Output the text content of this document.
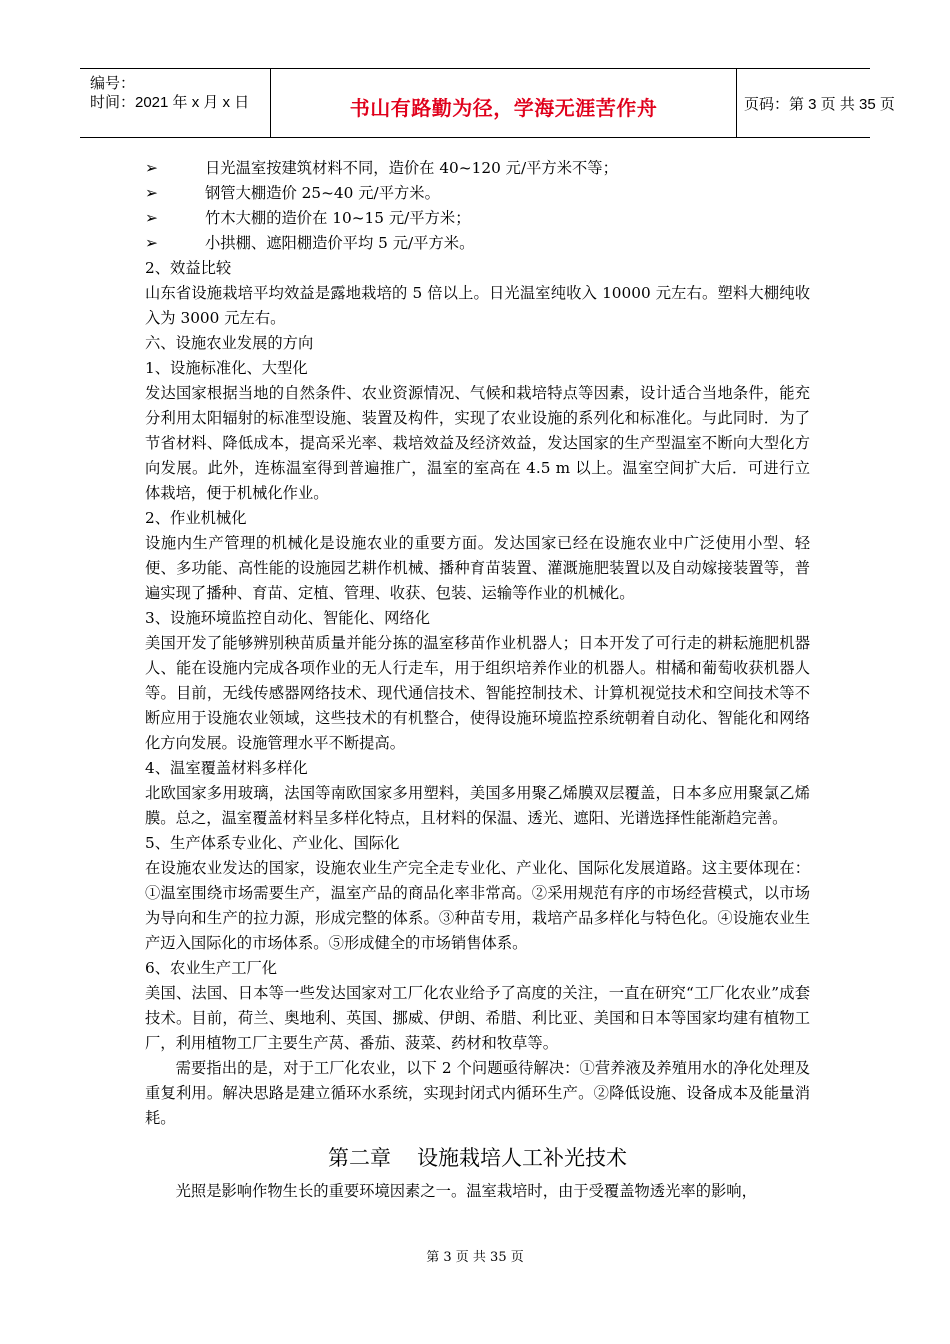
编号：
时间：2021 年 x 月 x 日	书山有路勤为径，学海无涯苦作舟	页码：第 3 页 共 35 页

➢	日光温室按建筑材料不同，造价在 40~120 元/平方米不等；

➢	钢管大棚造价 25~40 元/平方米。

➢	竹木大棚的造价在 10~15 元/平方米；

➢	小拱棚、遮阳棚造价平均 5 元/平方米。

2、效益比较

山东省设施栽培平均效益是露地栽培的 5 倍以上。日光温室纯收入 10000 元左右。塑料大棚纯收入为 3000 元左右。

六、设施农业发展的方向

1、设施标准化、大型化

发达国家根据当地的自然条件、农业资源情况、气候和栽培特点等因素，设计适合当地条件，能充分利用太阳辐射的标准型设施、装置及构件，实现了农业设施的系列化和标准化。与此同时．为了节省材料、降低成本，提高采光率、栽培效益及经济效益，发达国家的生产型温室不断向大型化方向发展。此外，连栋温室得到普遍推广，温室的室高在 4.5 m 以上。温室空间扩大后．可进行立体栽培，便于机械化作业。

2、作业机械化

设施内生产管理的机械化是设施农业的重要方面。发达国家已经在设施农业中广泛使用小型、轻便、多功能、高性能的设施园艺耕作机械、播种育苗装置、灌溉施肥装置以及自动嫁接装置等，普遍实现了播种、育苗、定植、管理、收获、包装、运输等作业的机械化。

3、设施环境监控自动化、智能化、网络化

美国开发了能够辨别秧苗质量并能分拣的温室移苗作业机器人；日本开发了可行走的耕耘施肥机器人、能在设施内完成各项作业的无人行走车，用于组织培养作业的机器人。柑橘和葡萄收获机器人等。目前，无线传感器网络技术、现代通信技术、智能控制技术、计算机视觉技术和空间技术等不断应用于设施农业领域，这些技术的有机整合，使得设施环境监控系统朝着自动化、智能化和网络化方向发展。设施管理水平不断提高。

4、温室覆盖材料多样化

北欧国家多用玻璃，法国等南欧国家多用塑料，美国多用聚乙烯膜双层覆盖，日本多应用聚氯乙烯膜。总之，温室覆盖材料呈多样化特点，且材料的保温、透光、遮阳、光谱选择性能渐趋完善。

5、生产体系专业化、产业化、国际化

在设施农业发达的国家，设施农业生产完全走专业化、产业化、国际化发展道路。这主要体现在：①温室围绕市场需要生产，温室产品的商品化率非常高。②采用规范有序的市场经营模式，以市场为导向和生产的拉力源，形成完整的体系。③种苗专用，栽培产品多样化与特色化。④设施农业生产迈入国际化的市场体系。⑤形成健全的市场销售体系。

6、农业生产工厂化

美国、法国、日本等一些发达国家对工厂化农业给予了高度的关注，一直在研究“工厂化农业”成套技术。目前，荷兰、奥地利、英国、挪威、伊朗、希腊、利比亚、美国和日本等国家均建有植物工厂，利用植物工厂主要生产莴、番茄、菠菜、药材和牧草等。

需要指出的是，对于工厂化农业，以下 2 个问题亟待解决：①营养液及养殖用水的净化处理及重复利用。解决思路是建立循环水系统，实现封闭式内循环生产。②降低设施、设备成本及能量消耗。

第二章 设施栽培人工补光技术

光照是影响作物生长的重要环境因素之一。温室栽培时，由于受覆盖物透光率的影响，

第 3 页 共 35 页
